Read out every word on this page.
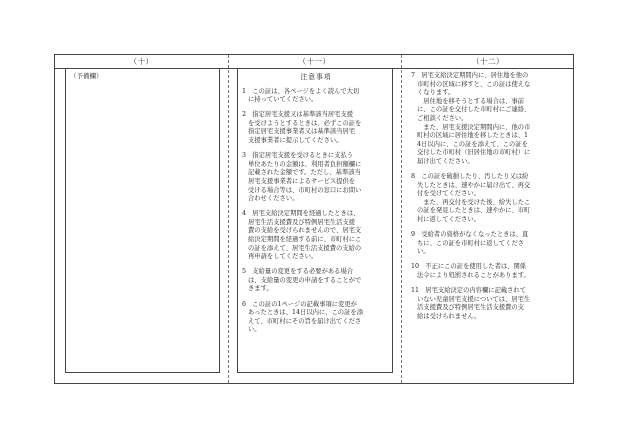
（十）	（十一）	（十二）
（予備欄）	注意事項
1　この証は、各ページをよく読んで大切
に持っていてください。
2　指定居宅支援又は基準該当居宅支援
を受けようとするときは、必ずこの証を
指定居宅支援事業者又は基準該当居宅
支援事業者に提示してください。
3　指定居宅支援を受けるときに支払う
単位あたりの金額は、利用者負担額欄に
記載された金額です。ただし、基準該当
居宅支援事業者によるサービス提供を
受ける場合等は、市町村の窓口にお問い
合わせください。
4　居宅支給決定期間を経過したときは、
居宅生活支援費及び特例居宅生活支援
費の支給を受けられませんので、居宅支
給決定期間を経過する前に、市町村にこ
の証を添えて、居宅生活支援費の支給の
再申請をしてください。
5　支給量の変更をする必要がある場合
は、支給量の変更の申請をすることがで
きます。
6　この証の1ページの記載事項に変更が
あったときは、14日以内に、この証を添
えて、市町村にその旨を届け出てくださ
い。
7　居宅支給決定期間内に、居住地を他の
市町村の区域に移すと、この証は使えな
くなります。
　居住地を移そうとする場合は、事前
に、この証を交付した市町村にご連絡、
ご相談ください。
　また、居宅支援決定期間内に、他の市
町村の区域に居住地を移したときは、1
4日以内に、この証を添えて、この証を
交付した市町村（旧居住地の市町村）に
届け出てください。
8　この証を破損したり、汚したり又は紛
失したときは、速やかに届け出て、再交
付を受けてください。
　また、再交付を受けた後、紛失したこ
の証を発見したときは、速やかに、市町
村に返してください。
9　受給者の資格がなくなったときは、直
ちに、この証を市町村に返してくださ
い。
10　不正にこの証を使用した者は、関係
法令により処罰されることがあります。
11　居宅支給決定の内容欄に記載されて
いない児童居宅支援については、居宅生
活支援費及び特例居宅生活支援費の支
給は受けられません。
